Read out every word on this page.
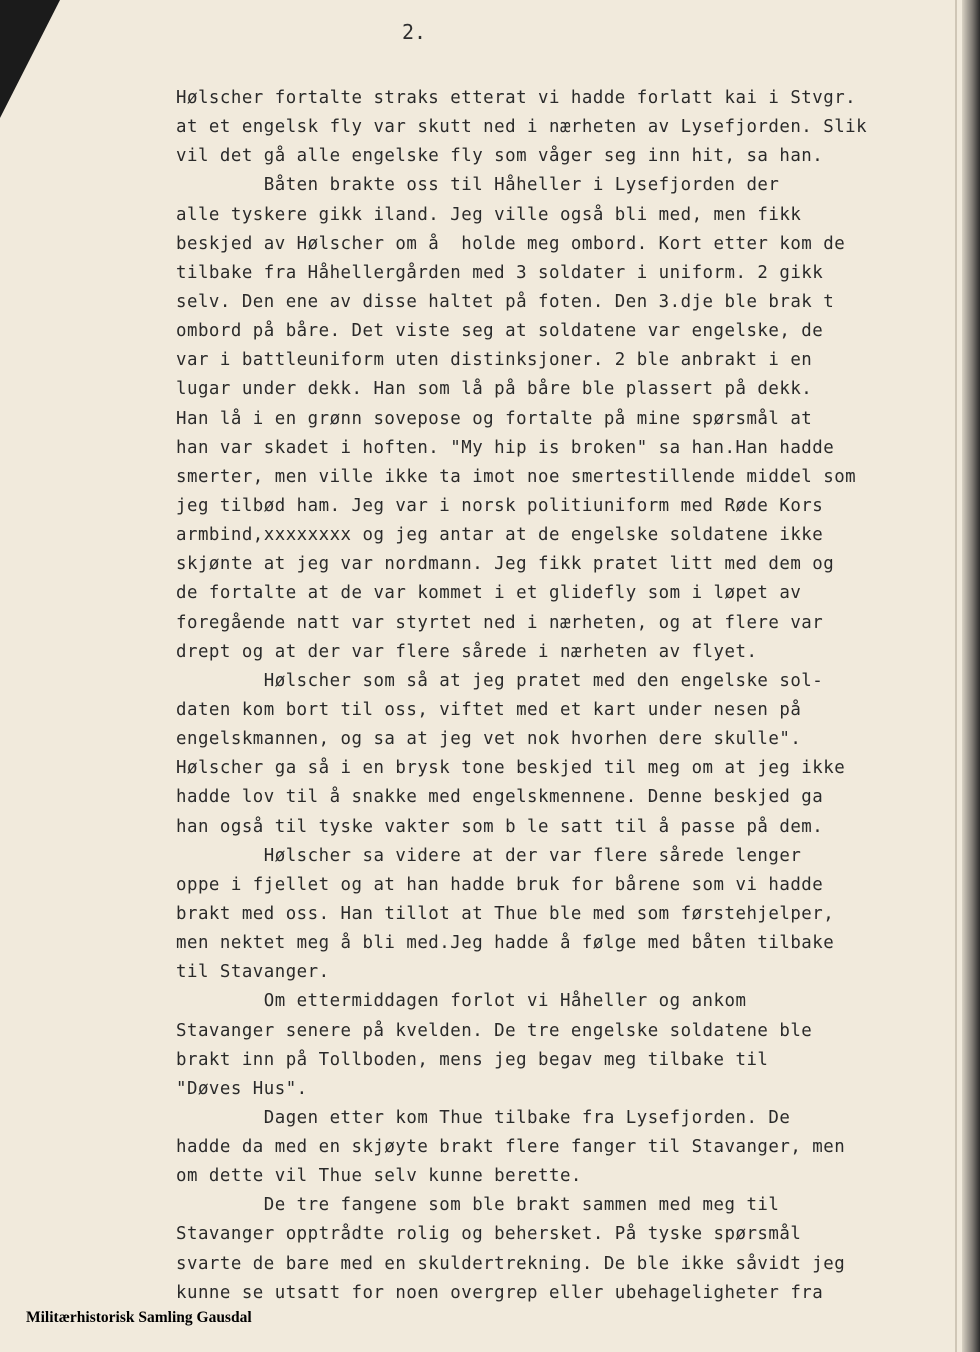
2.
Hølscher fortalte straks etterat vi hadde forlatt kai i Stvgr.
at et engelsk fly var skutt ned i nærheten av Lysefjorden. Slik
vil det gå alle engelske fly som våger seg inn hit, sa han.
Båten brakte oss til Håheller i Lysefjorden der
alle tyskere gikk iland. Jeg ville også bli med, men fikk
beskjed av Hølscher om å  holde meg ombord. Kort etter kom de
tilbake fra Håhellergården med 3 soldater i uniform. 2 gikk
selv. Den ene av disse haltet på foten. Den 3.dje ble brak t
ombord på båre. Det viste seg at soldatene var engelske, de
var i battleuniform uten distinksjoner. 2 ble anbrakt i en
lugar under dekk. Han som lå på båre ble plassert på dekk.
Han lå i en grønn sovepose og fortalte på mine spørsmål at
han var skadet i hoften. "My hip is broken" sa han.Han hadde
smerter, men ville ikke ta imot noe smertestillende middel som
jeg tilbød ham. Jeg var i norsk politiuniform med Røde Kors
armbind,xxxxxxxx og jeg antar at de engelske soldatene ikke
skjønte at jeg var nordmann. Jeg fikk pratet litt med dem og
de fortalte at de var kommet i et glidefly som i løpet av
foregående natt var styrtet ned i nærheten, og at flere var
drept og at der var flere sårede i nærheten av flyet.
Hølscher som så at jeg pratet med den engelske sol-
daten kom bort til oss, viftet med et kart under nesen på
engelskmannen, og sa at jeg vet nok hvorhen dere skulle".
Hølscher ga så i en brysk tone beskjed til meg om at jeg ikke
hadde lov til å snakke med engelskmennene. Denne beskjed ga
han også til tyske vakter som b le satt til å passe på dem.
Hølscher sa videre at der var flere sårede lenger
oppe i fjellet og at han hadde bruk for bårene som vi hadde
brakt med oss. Han tillot at Thue ble med som førstehjelper,
men nektet meg å bli med.Jeg hadde å følge med båten tilbake
til Stavanger.
Om ettermiddagen forlot vi Håheller og ankom
Stavanger senere på kvelden. De tre engelske soldatene ble
brakt inn på Tollboden, mens jeg begav meg tilbake til
"Døves Hus".
Dagen etter kom Thue tilbake fra Lysefjorden. De
hadde da med en skjøyte brakt flere fanger til Stavanger, men
om dette vil Thue selv kunne berette.
De tre fangene som ble brakt sammen med meg til
Stavanger opptrådte rolig og behersket. På tyske spørsmål
svarte de bare med en skuldertrekning. De ble ikke såvidt jeg
kunne se utsatt for noen overgrep eller ubehageligheter fra
Militærhistorisk Samling Gausdal
